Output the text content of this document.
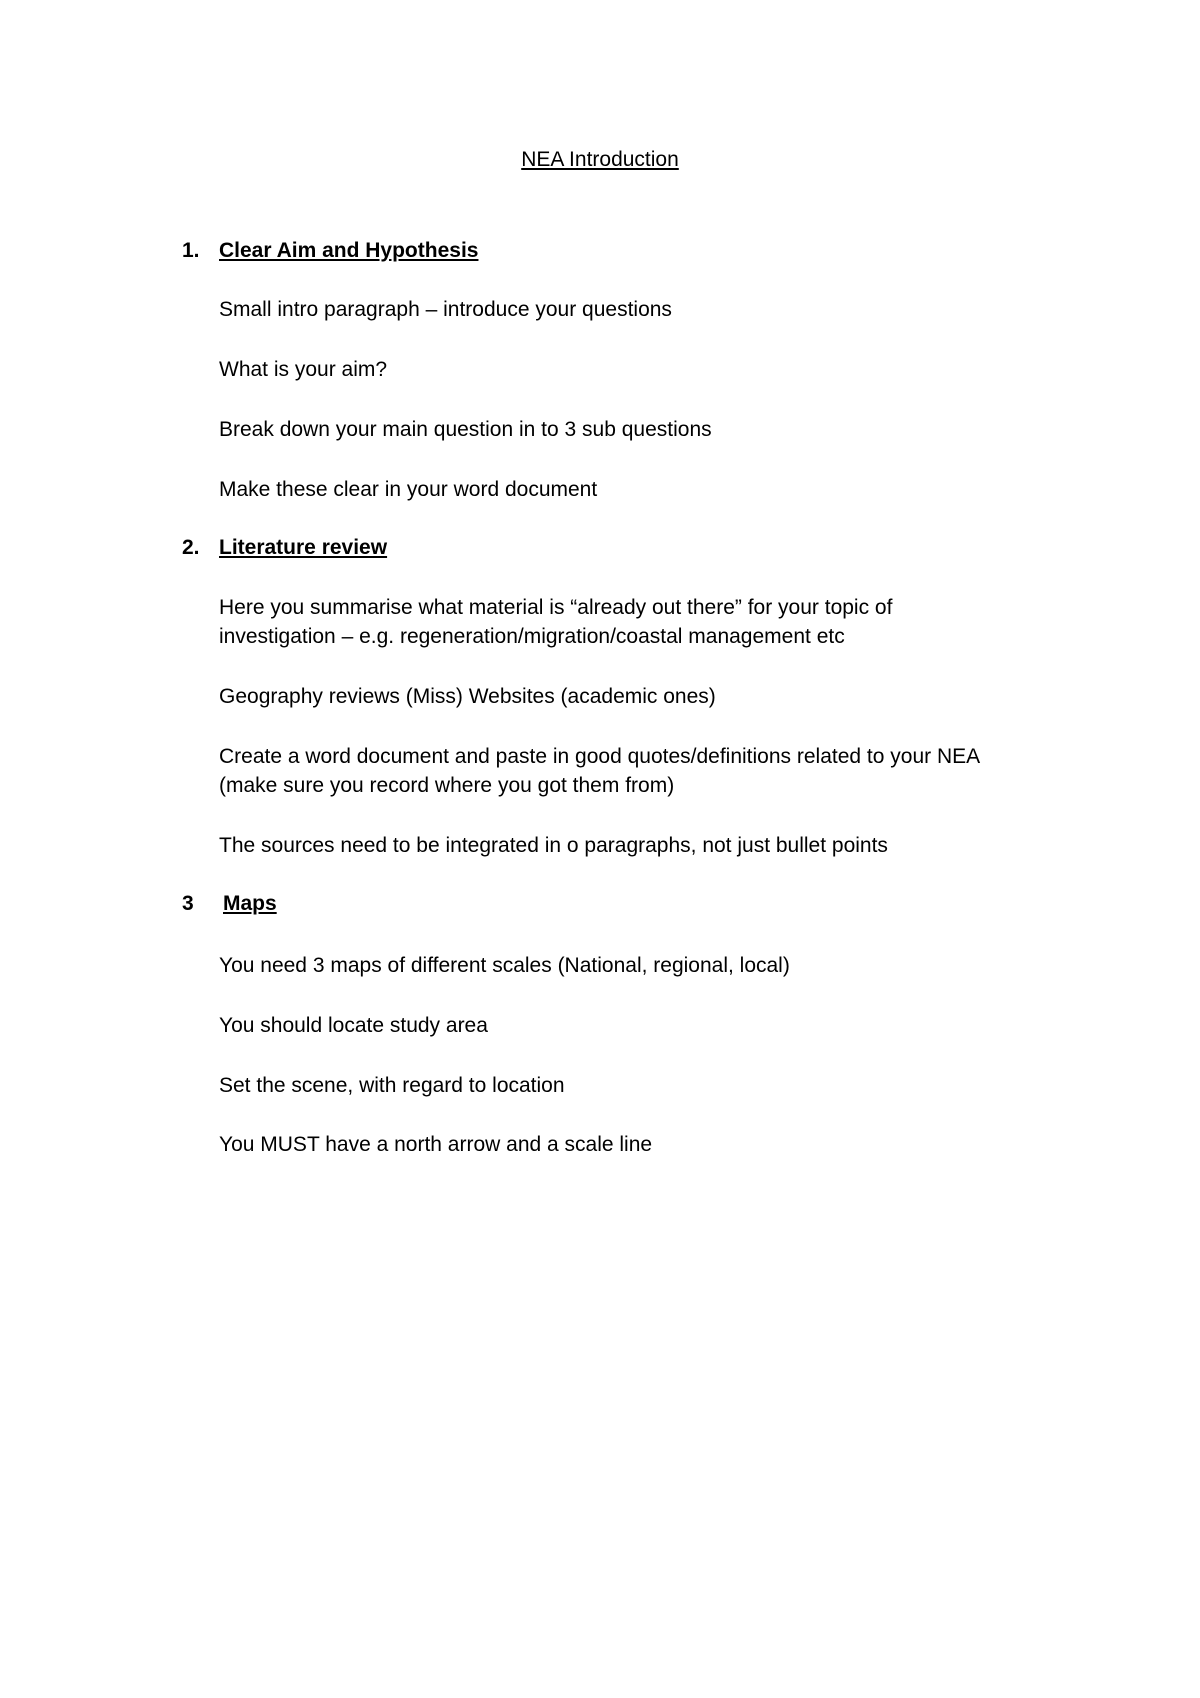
NEA Introduction
1. Clear Aim and Hypothesis
Small intro paragraph – introduce your questions
What is your aim?
Break down your main question in to 3 sub questions
Make these clear in your word document
2. Literature review
Here you summarise what material is “already out there” for your topic of
investigation – e.g. regeneration/migration/coastal management etc
Geography reviews (Miss) Websites (academic ones)
Create a word document and paste in good quotes/definitions related to your NEA
(make sure you record where you got them from)
The sources need to be integrated in o paragraphs, not just bullet points
3 Maps
You need 3 maps of different scales (National, regional, local)
You should locate study area
Set the scene, with regard to location
You MUST have a north arrow and a scale line
